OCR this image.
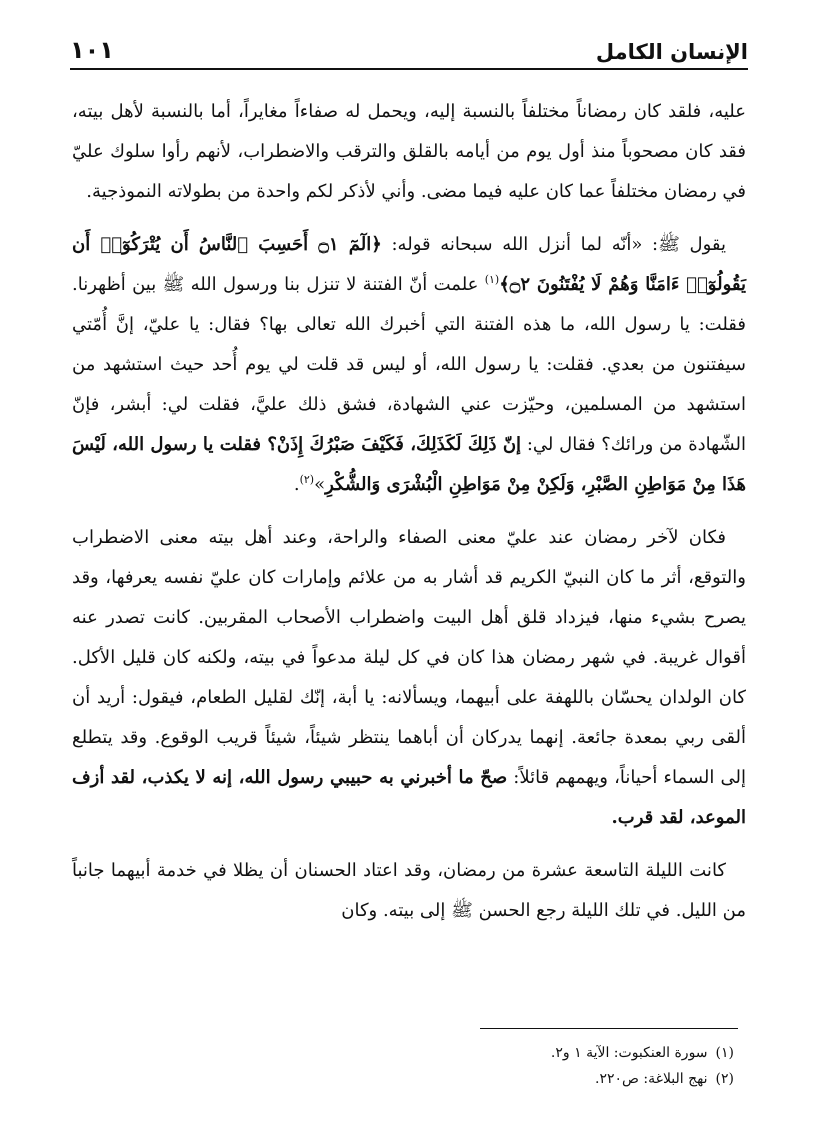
الإنسان الكامل
١٠١

عليه، فلقد كان رمضاناً مختلفاً بالنسبة إليه، ويحمل له صفاءاً مغايراً، أما بالنسبة لأهل بيته، فقد كان مصحوباً منذ أول يوم من أيامه بالقلق والترقب والاضطراب، لأنهم رأوا سلوك عليّ في رمضان مختلفاً عما كان عليه فيما مضى. وأني لأذكر لكم واحدة من بطولاته النموذجية.

يقول ﷺ: «أنّه لما أنزل الله سبحانه قوله: ﴿الٓمٓ ۝١ أَحَسِبَ ٱلنَّاسُ أَن يُتْرَكُوٓا۟ أَن يَقُولُوٓا۟ ءَامَنَّا وَهُمْ لَا يُفْتَنُونَ ۝٢﴾$^{(١)}$ علمت أنّ الفتنة لا تنزل بنا ورسول الله ﷺ بين أظهرنا. فقلت: يا رسول الله، ما هذه الفتنة التي أخبرك الله تعالى بها؟ فقال: يا عليّ، إنَّ أُمّتي سيفتنون من بعدي. فقلت: يا رسول الله، أو ليس قد قلت لي يوم أُحد حيث استشهد من استشهد من المسلمين، وحيّزت عني الشهادة، فشق ذلك عليَّ، فقلت لي: أبشر، فإنّ الشّهادة من ورائك؟ فقال لي: إنّ ذَلِكَ لَكَذَلِكَ، فَكَيْفَ صَبْرُكَ إِذَنْ؟ فقلت يا رسول الله، لَيْسَ هَذَا مِنْ مَوَاطِنِ الصَّبْرِ، وَلَكِنْ مِنْ مَوَاطِنِ الْبُشْرَى وَالشُّكْرِ»$^{(٢)}$.

فكان لآخر رمضان عند عليّ معنى الصفاء والراحة، وعند أهل بيته معنى الاضطراب والتوقع، أثر ما كان النبيّ الكريم قد أشار به من علائم وإمارات كان عليّ نفسه يعرفها، وقد يصرح بشيء منها، فيزداد قلق أهل البيت واضطراب الأصحاب المقربين. كانت تصدر عنه أقوال غريبة. في شهر رمضان هذا كان في كل ليلة مدعواً في بيته، ولكنه كان قليل الأكل. كان الولدان يحسّان باللهفة على أبيهما، ويسألانه: يا أبة، إنّك لقليل الطعام، فيقول: أريد أن ألقى ربي بمعدة جائعة. إنهما يدركان أن أباهما ينتظر شيئاً، شيئاً قريب الوقوع. وقد يتطلع إلى السماء أحياناً، ويهمهم قائلاً: صحّ ما أخبرني به حبيبي رسول الله، إنه لا يكذب، لقد أزف الموعد، لقد قرب.

كانت الليلة التاسعة عشرة من رمضان، وقد اعتاد الحسنان أن يظلا في خدمة أبيهما جانباً من الليل. في تلك الليلة رجع الحسن ﷺ إلى بيته. وكان

(١)سورة العنكبوت: الآية ١ و٢.
(٢)نهج البلاغة: ص٢٢٠.
